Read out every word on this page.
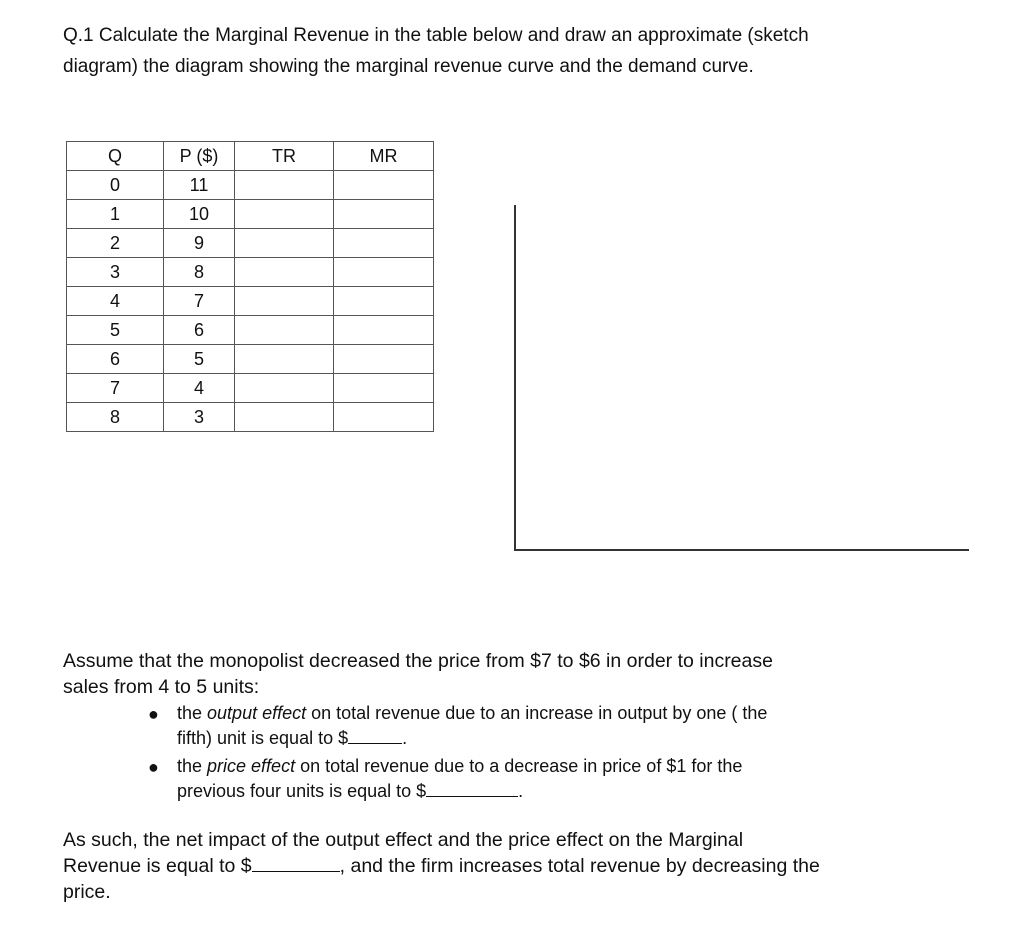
Q.1 Calculate the Marginal Revenue in the table below and draw an approximate (sketch
diagram) the diagram showing the marginal revenue curve and the demand curve.
Q	P ($)	TR	MR
0	11		
1	10		
2	9		
3	8		
4	7		
5	6		
6	5		
7	4		
8	3		
Assume that the monopolist decreased the price from $7 to $6 in order to increase
sales from 4 to 5 units:
● the output effect on total revenue due to an increase in output by one ( the
fifth) unit is equal to $	.
● the price effect on total revenue due to a decrease in price of $1 for the
previous four units is equal to $	.
As such, the net impact of the output effect and the price effect on the Marginal
Revenue is equal to $	, and the firm increases total revenue by decreasing the
price.
